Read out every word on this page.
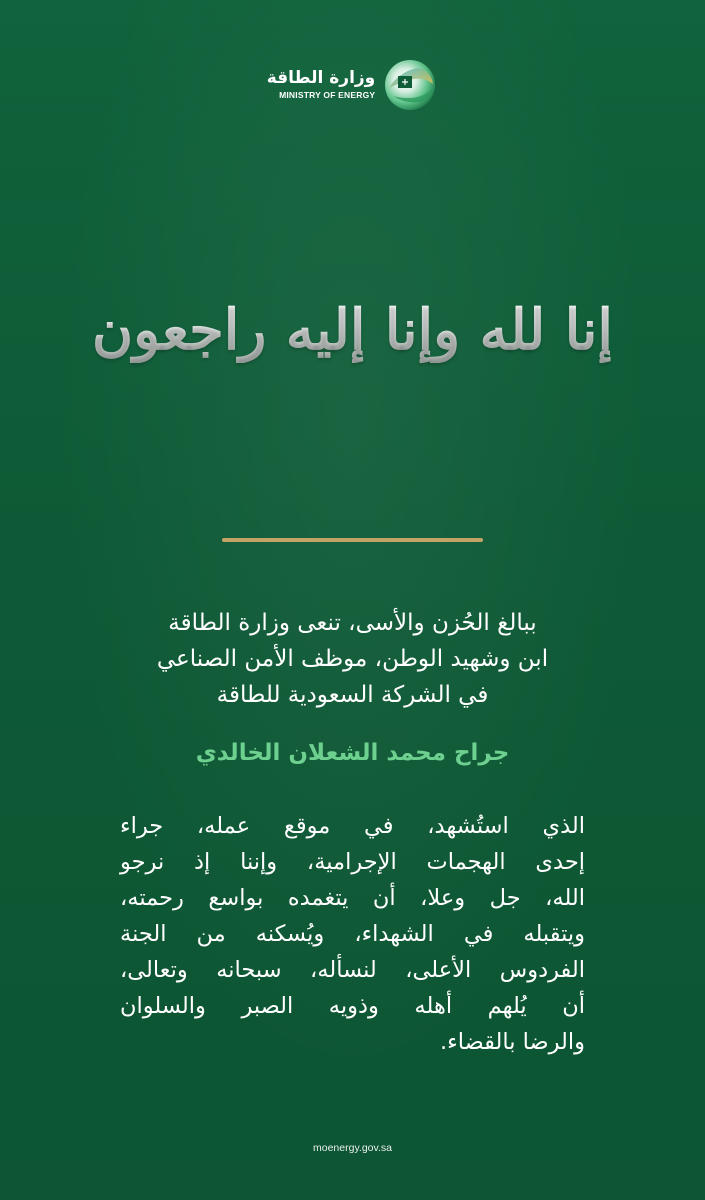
وزارة الطاقة
MINISTRY OF ENERGY
إنا لله وإنا إليه راجعون
ببالغ الحُزن والأسى، تنعى وزارة الطاقة
ابن وشهيد الوطن، موظف الأمن الصناعي
في الشركة السعودية للطاقة
جراح محمد الشعلان الخالدي
الذي استُشهد، في موقع عمله، جراء
إحدى الهجمات الإجرامية، وإننا إذ نرجو
الله، جل وعلا، أن يتغمده بواسع رحمته،
ويتقبله في الشهداء، ويُسكنه من الجنة
الفردوس الأعلى، لنسأله، سبحانه وتعالى،
أن يُلهم أهله وذويه الصبر والسلوان
والرضا بالقضاء.
moenergy.gov.sa
